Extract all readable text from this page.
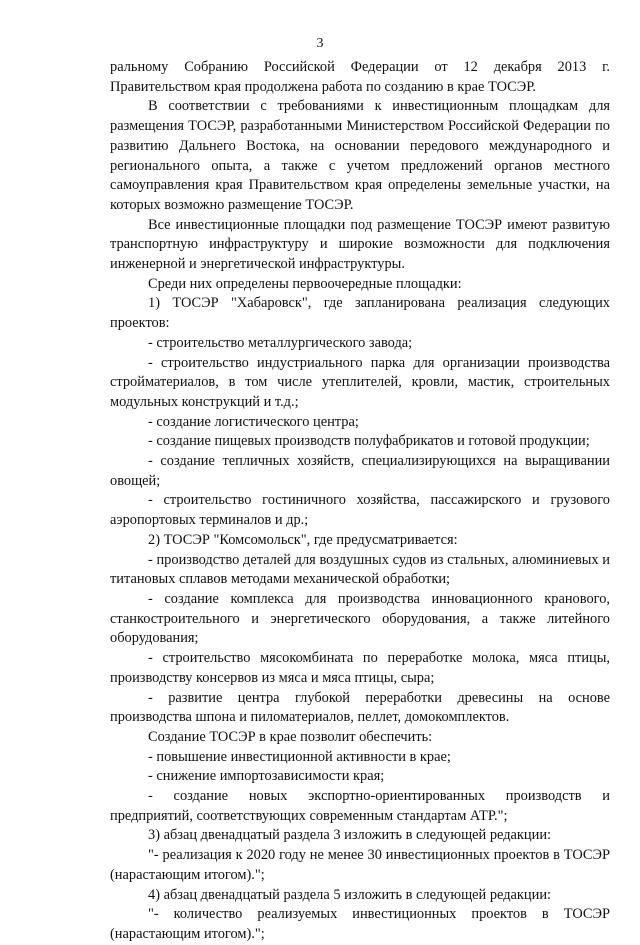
3

ральному Собранию Российской Федерации от 12 декабря 2013 г. Правительством края продолжена работа по созданию в крае ТОСЭР.

В соответствии с требованиями к инвестиционным площадкам для размещения ТОСЭР, разработанными Министерством Российской Федерации по развитию Дальнего Востока, на основании передового международного и регионального опыта, а также с учетом предложений органов местного самоуправления края Правительством края определены земельные участки, на которых возможно размещение ТОСЭР.

Все инвестиционные площадки под размещение ТОСЭР имеют развитую транспортную инфраструктуру и широкие возможности для подключения инженерной и энергетической инфраструктуры.

Среди них определены первоочередные площадки:

1) ТОСЭР "Хабаровск", где запланирована реализация следующих проектов:

- строительство металлургического завода;

- строительство индустриального парка для организации производства стройматериалов, в том числе утеплителей, кровли, мастик, строительных модульных конструкций и т.д.;

- создание логистического центра;

- создание пищевых производств полуфабрикатов и готовой продукции;

- создание тепличных хозяйств, специализирующихся на выращивании овощей;

- строительство гостиничного хозяйства, пассажирского и грузового аэропортовых терминалов и др.;

2) ТОСЭР "Комсомольск", где предусматривается:

- производство деталей для воздушных судов из стальных, алюминиевых и титановых сплавов методами механической обработки;

- создание комплекса для производства инновационного кранового, станкостроительного и энергетического оборудования, а также литейного оборудования;

- строительство мясокомбината по переработке молока, мяса птицы, производству консервов из мяса и мяса птицы, сыра;

- развитие центра глубокой переработки древесины на основе производства шпона и пиломатериалов, пеллет, домокомплектов.

Создание ТОСЭР в крае позволит обеспечить:

- повышение инвестиционной активности в крае;

- снижение импортозависимости края;

- создание новых экспортно-ориентированных производств и предприятий, соответствующих современным стандартам АТР.";

3) абзац двенадцатый раздела 3 изложить в следующей редакции:

"- реализация к 2020 году не менее 30 инвестиционных проектов в ТОСЭР (нарастающим итогом).";

4) абзац двенадцатый раздела 5 изложить в следующей редакции:

"- количество реализуемых инвестиционных проектов в ТОСЭР (нарастающим итогом).";
